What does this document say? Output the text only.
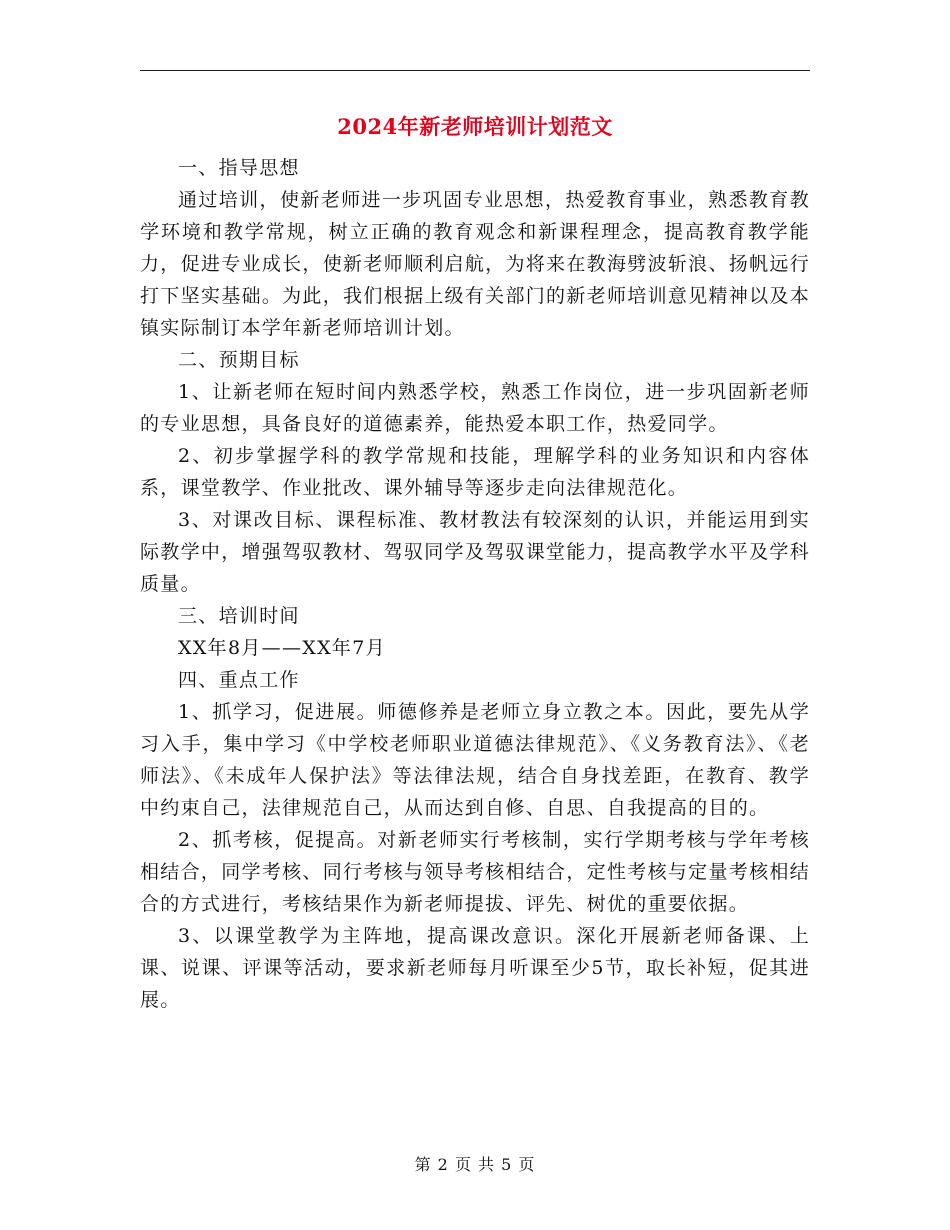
2024年新老师培训计划范文

一、指导思想

通过培训，使新老师进一步巩固专业思想，热爱教育事业，熟悉教育教学环境和教学常规，树立正确的教育观念和新课程理念，提高教育教学能力，促进专业成长，使新老师顺利启航，为将来在教海劈波斩浪、扬帆远行打下坚实基础。为此，我们根据上级有关部门的新老师培训意见精神以及本镇实际制订本学年新老师培训计划。

二、预期目标

1、让新老师在短时间内熟悉学校，熟悉工作岗位，进一步巩固新老师的专业思想，具备良好的道德素养，能热爱本职工作，热爱同学。

2、初步掌握学科的教学常规和技能，理解学科的业务知识和内容体系，课堂教学、作业批改、课外辅导等逐步走向法律规范化。

3、对课改目标、课程标准、教材教法有较深刻的认识，并能运用到实际教学中，增强驾驭教材、驾驭同学及驾驭课堂能力，提高教学水平及学科质量。

三、培训时间

XX年8月——XX年7月

四、重点工作

1、抓学习，促进展。师德修养是老师立身立教之本。因此，要先从学习入手，集中学习《中学校老师职业道德法律规范》、《义务教育法》、《老师法》、《未成年人保护法》等法律法规，结合自身找差距，在教育、教学中约束自己，法律规范自己，从而达到自修、自思、自我提高的目的。

2、抓考核，促提高。对新老师实行考核制，实行学期考核与学年考核相结合，同学考核、同行考核与领导考核相结合，定性考核与定量考核相结合的方式进行，考核结果作为新老师提拔、评先、树优的重要依据。

3、以课堂教学为主阵地，提高课改意识。深化开展新老师备课、上课、说课、评课等活动，要求新老师每月听课至少5节，取长补短，促其进展。

第 2 页 共 5 页
